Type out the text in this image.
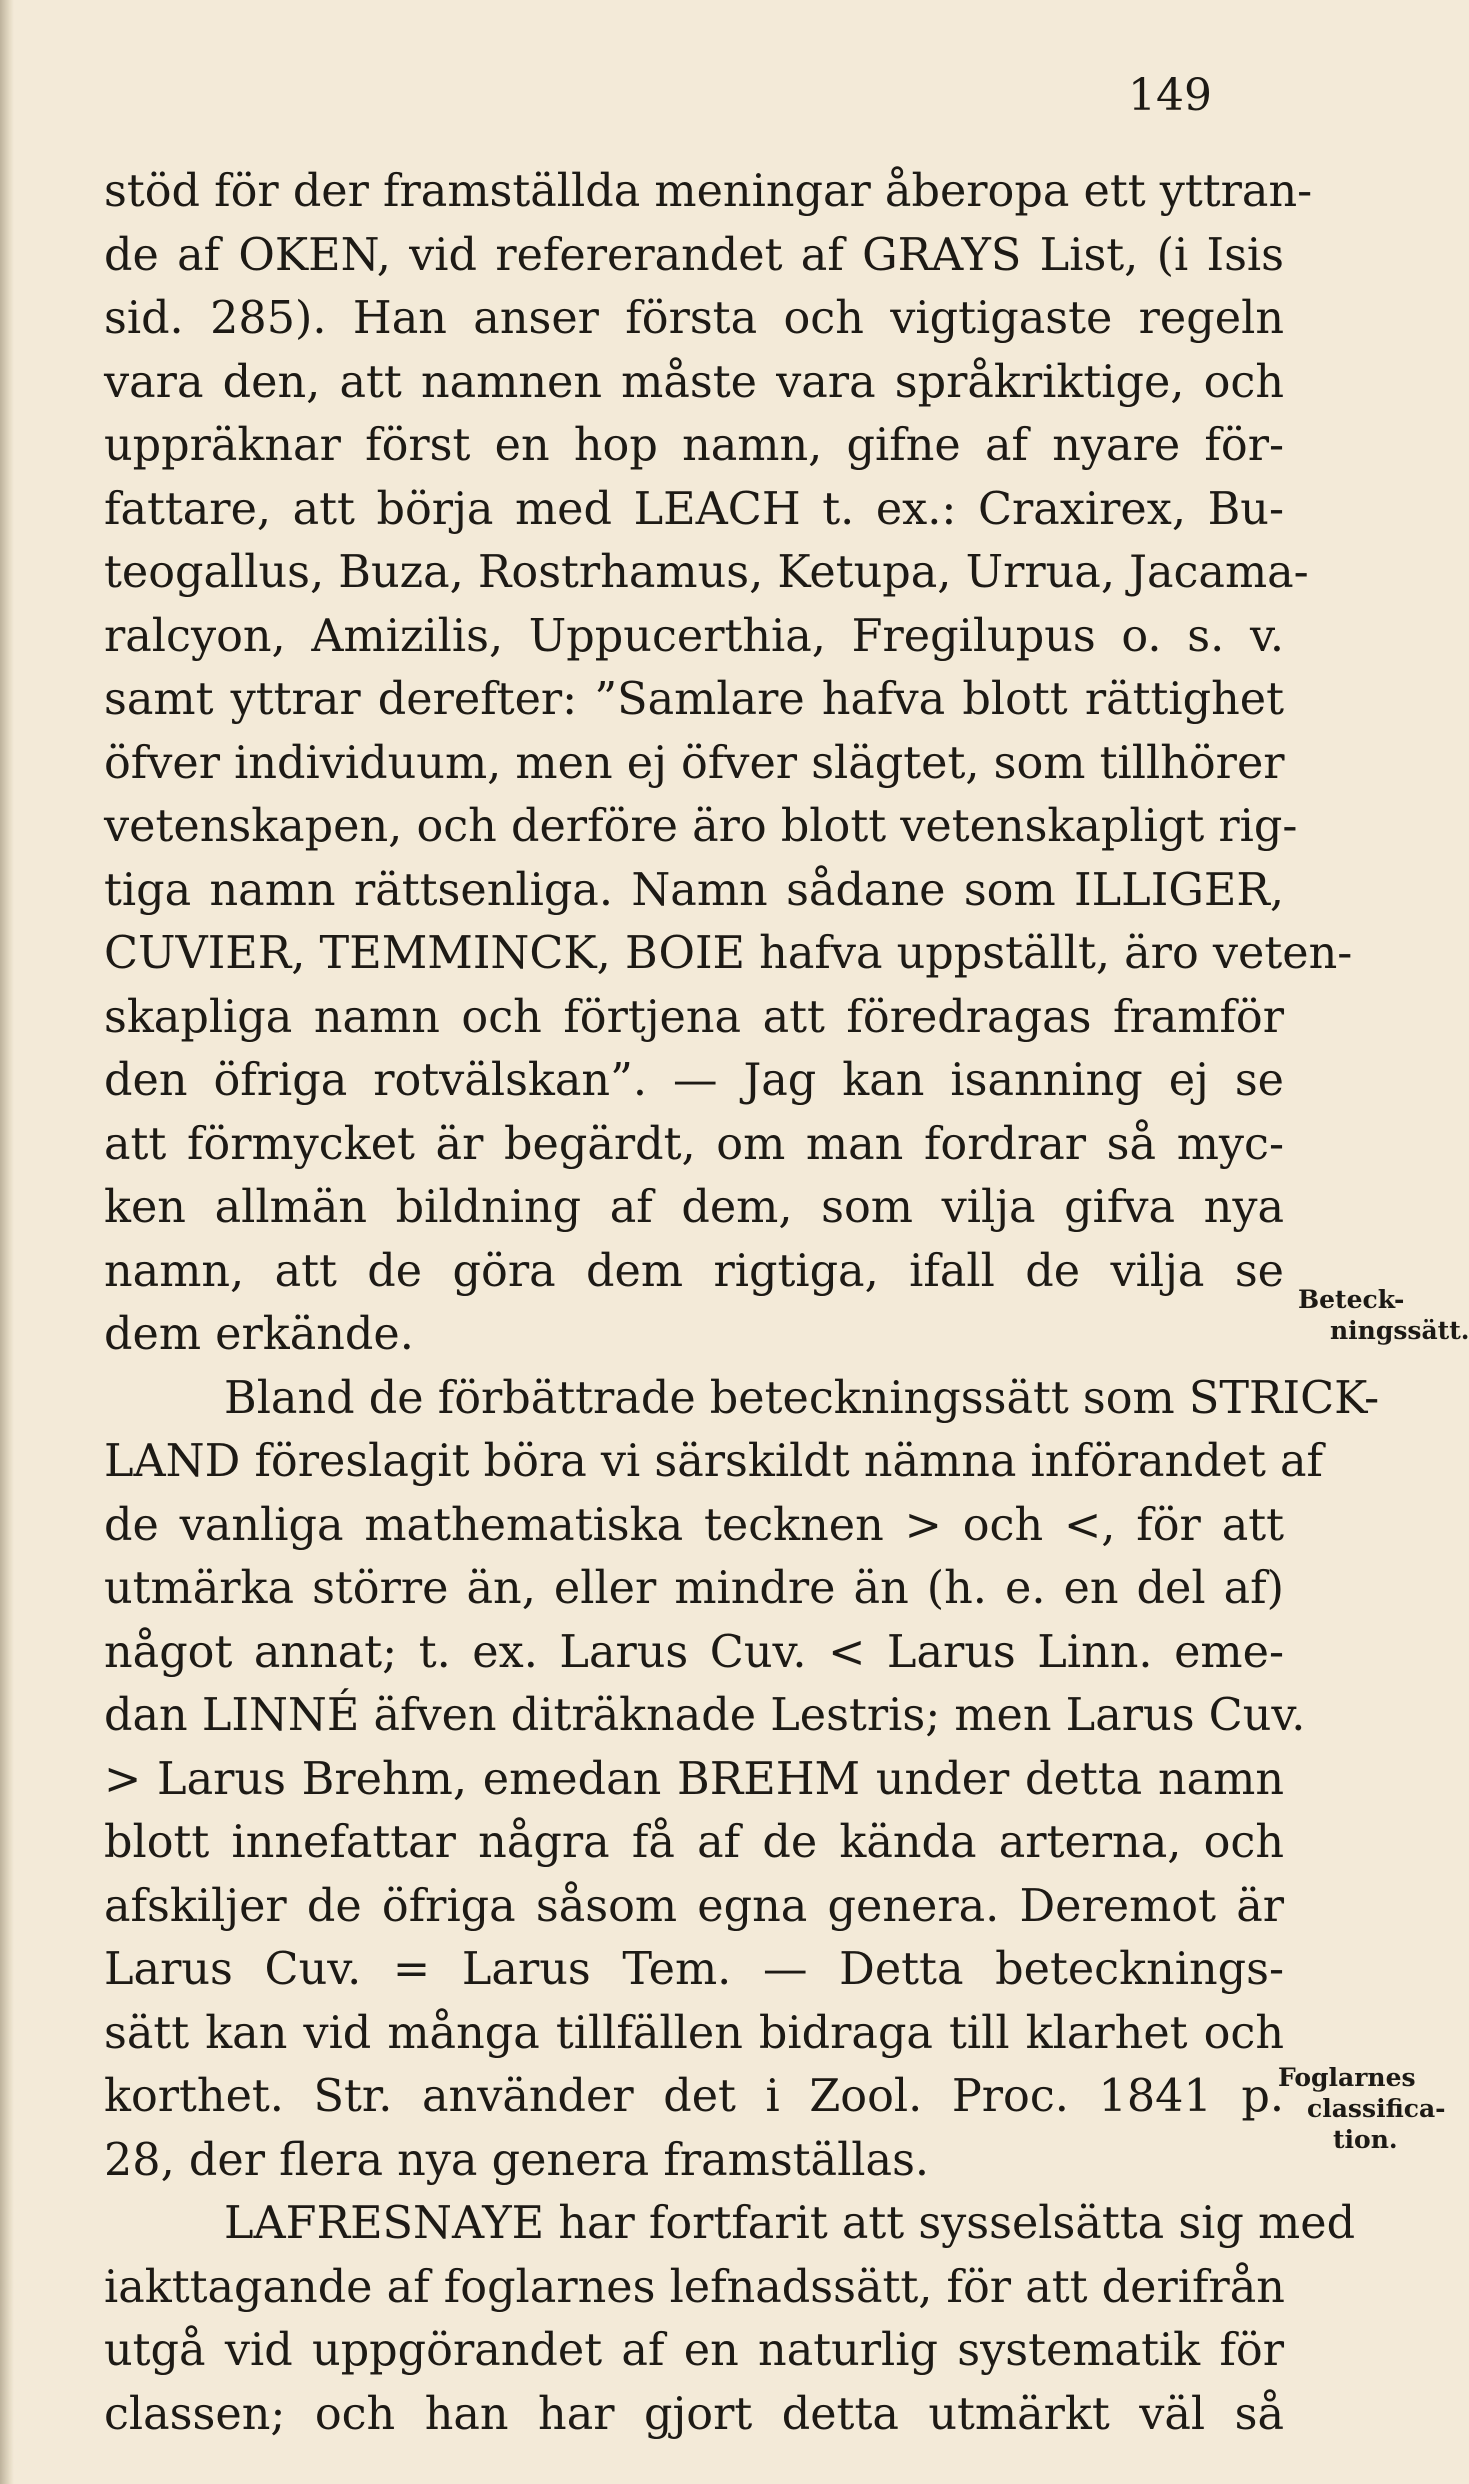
149
stöd för der framställda meningar åberopa ett yttran-
de af OKEN, vid refererandet af GRAYS List, (i Isis
sid. 285). Han anser första och vigtigaste regeln
vara den, att namnen måste vara språkriktige, och
uppräknar först en hop namn, gifne af nyare för-
fattare, att börja med LEACH t. ex.: Craxirex, Bu-
teogallus, Buza, Rostrhamus, Ketupa, Urrua, Jacama-
ralcyon, Amizilis, Uppucerthia, Fregilupus o. s. v.
samt yttrar derefter: ”Samlare hafva blott rättighet
öfver individuum, men ej öfver slägtet, som tillhörer
vetenskapen, och derföre äro blott vetenskapligt rig-
tiga namn rättsenliga. Namn sådane som ILLIGER,
CUVIER, TEMMINCK, BOIE hafva uppställt, äro veten-
skapliga namn och förtjena att föredragas framför
den öfriga rotvälskan”. — Jag kan isanning ej se
att förmycket är begärdt, om man fordrar så myc-
ken allmän bildning af dem, som vilja gifva nya
namn, att de göra dem rigtiga, ifall de vilja se
dem erkände.
Bland de förbättrade beteckningssätt som STRICK-
LAND föreslagit böra vi särskildt nämna införandet af
de vanliga mathematiska tecknen > och <, för att
utmärka större än, eller mindre än (h. e. en del af)
något annat; t. ex. Larus Cuv. < Larus Linn. eme-
dan LINNÉ äfven diträknade Lestris; men Larus Cuv.
> Larus Brehm, emedan BREHM under detta namn
blott innefattar några få af de kända arterna, och
afskiljer de öfriga såsom egna genera. Deremot är
Larus Cuv. = Larus Tem. — Detta betecknings-
sätt kan vid många tillfällen bidraga till klarhet och
korthet. Str. använder det i Zool. Proc. 1841 p.
28, der flera nya genera framställas.
LAFRESNAYE har fortfarit att sysselsätta sig med
iakttagande af foglarnes lefnadssätt, för att derifrån
utgå vid uppgörandet af en naturlig systematik för
classen; och han har gjort detta utmärkt väl så
Beteck-
ningssätt.
Foglarnes
classifica-
tion.
